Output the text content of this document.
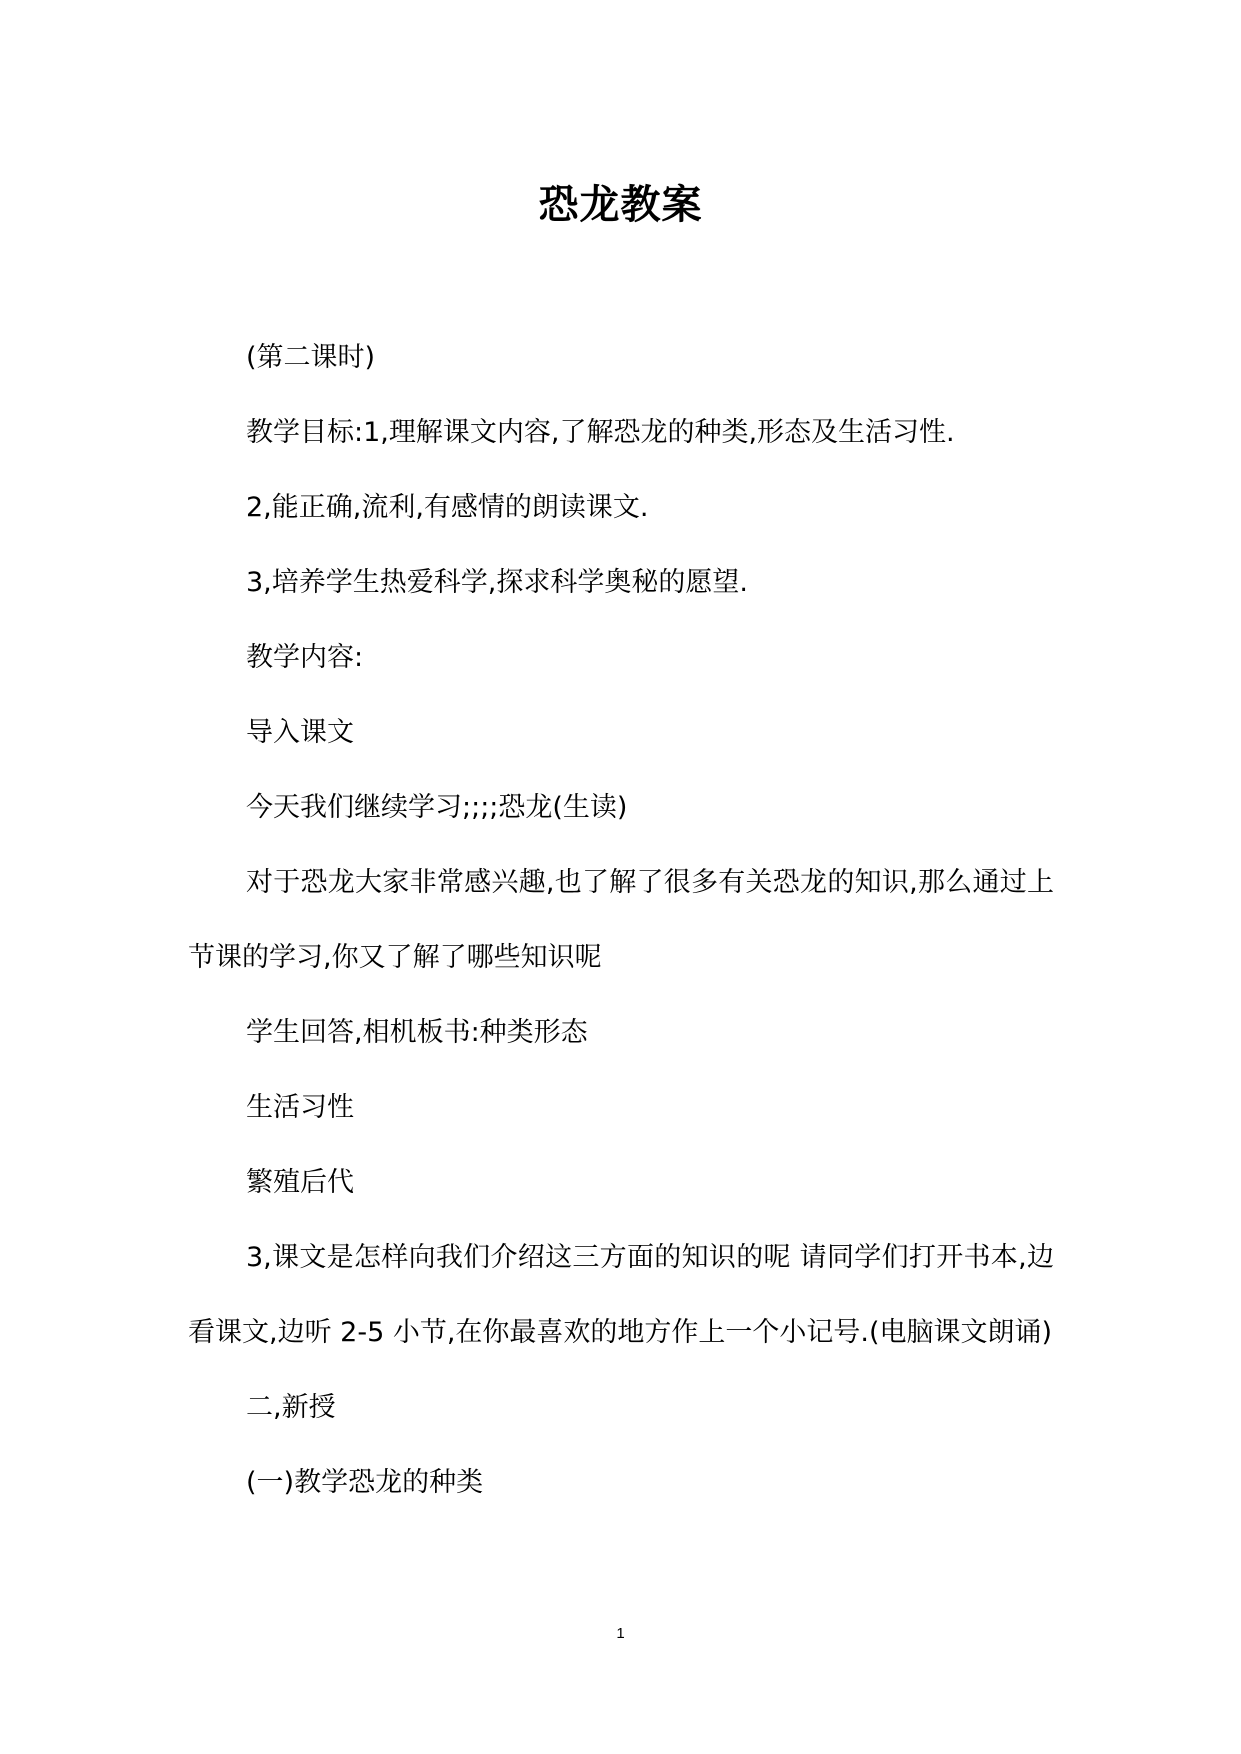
恐龙教案

(第二课时)

教学目标:1,理解课文内容,了解恐龙的种类,形态及生活习性.

2,能正确,流利,有感情的朗读课文.

3,培养学生热爱科学,探求科学奥秘的愿望.

教学内容:

导入课文

今天我们继续学习;;;;恐龙(生读)

对于恐龙大家非常感兴趣,也了解了很多有关恐龙的知识,那么通过上节课的学习,你又了解了哪些知识呢

学生回答,相机板书:种类形态

生活习性

繁殖后代

3,课文是怎样向我们介绍这三方面的知识的呢 请同学们打开书本,边看课文,边听 2-5 小节,在你最喜欢的地方作上一个小记号.(电脑课文朗诵)

二,新授

(一)教学恐龙的种类

1
